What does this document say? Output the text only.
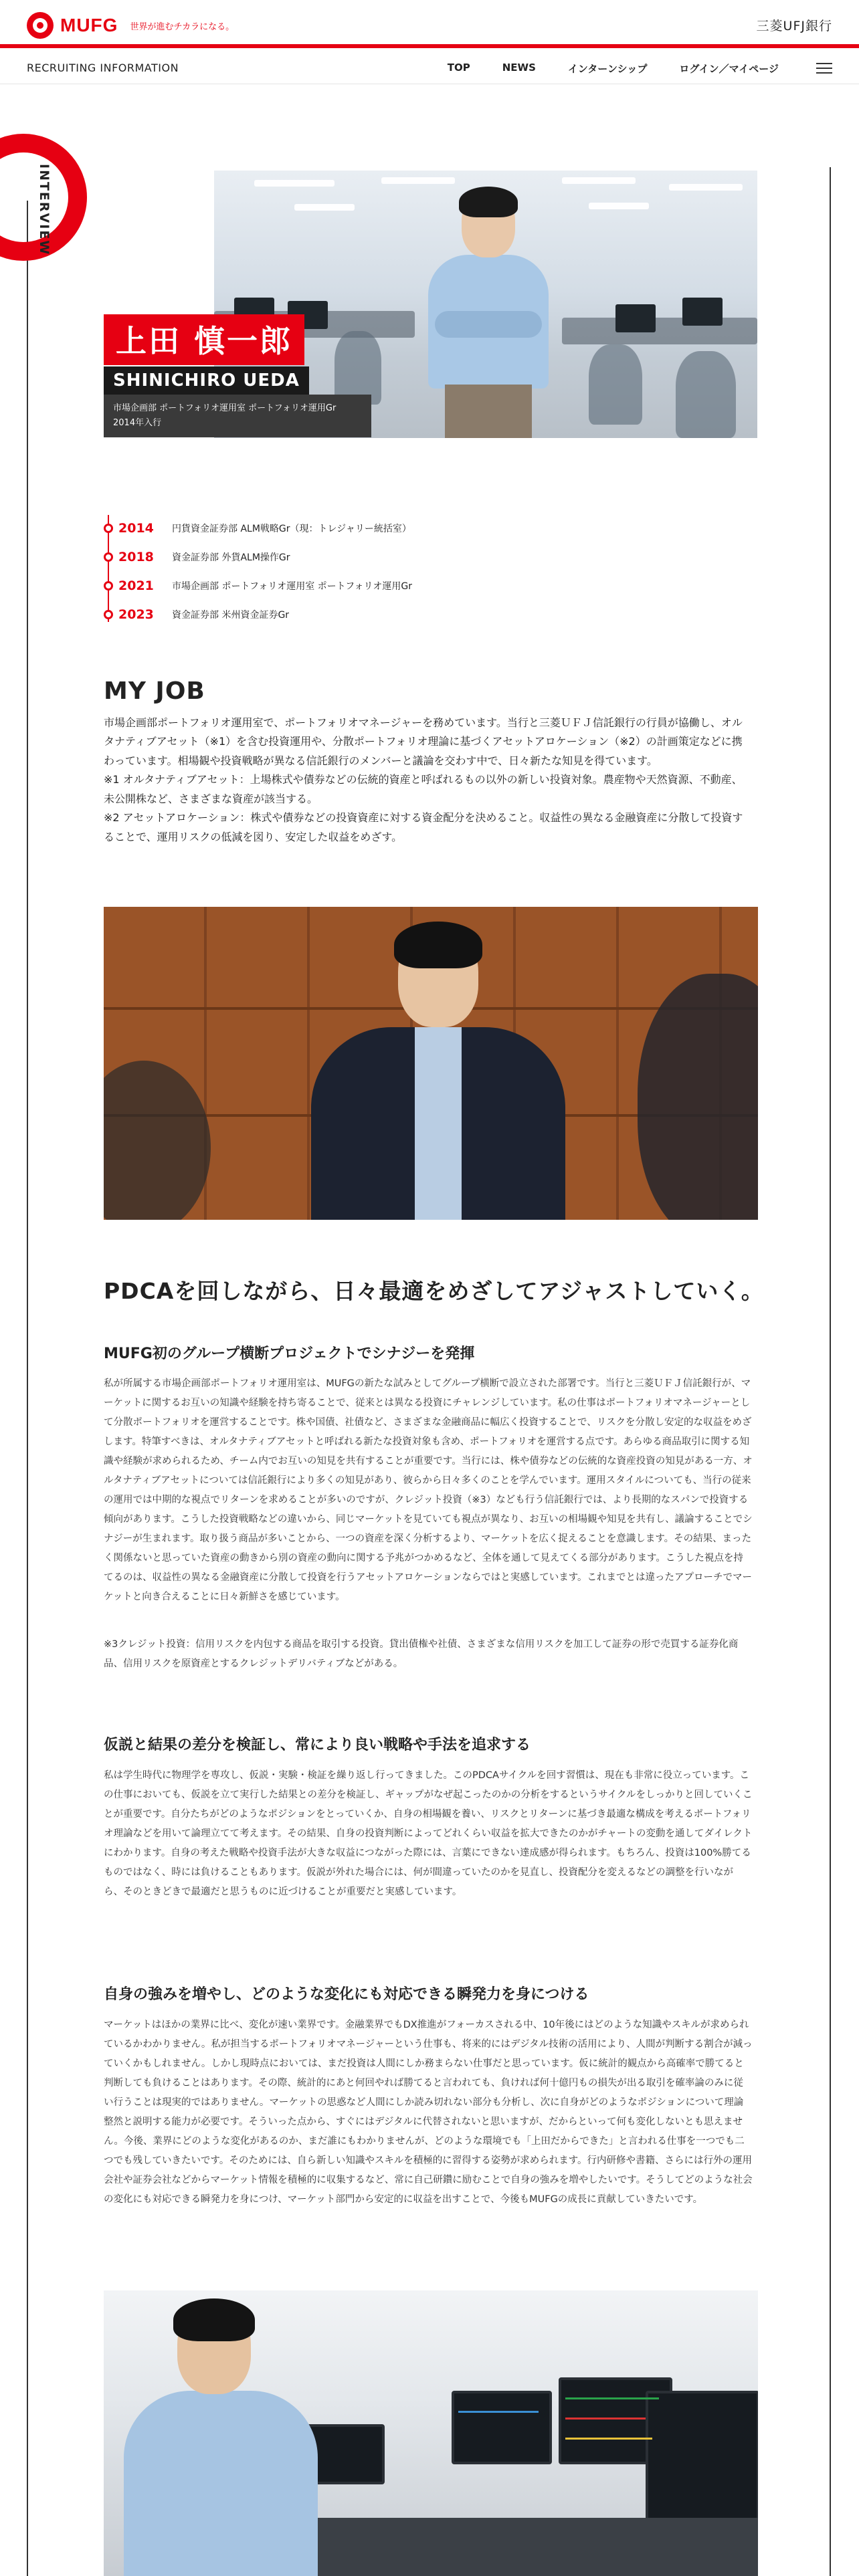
MUFG 世界が進むチカラになる。	三菱UFJ銀行
RECRUITING INFORMATION	TOP	NEWS	インターンシップ	ログイン／マイページ
INTERVIEW
上田 慎一郎
SHINICHIRO UEDA
市場企画部 ポートフォリオ運用室 ポートフォリオ運用Gr
2014年入行
2014	円貨資金証券部 ALM戦略Gr（現：トレジャリー統括室）
2018	資金証券部 外貨ALM操作Gr
2021	市場企画部 ポートフォリオ運用室 ポートフォリオ運用Gr
2023	資金証券部 米州資金証券Gr
MY JOB

市場企画部ポートフォリオ運用室で、ポートフォリオマネージャーを務めています。当行と三菱ＵＦＪ信託銀行の行員が協働し、オルタナティブアセット（※1）を含む投資運用や、分散ポートフォリオ理論に基づくアセットアロケーション（※2）の計画策定などに携わっています。相場観や投資戦略が異なる信託銀行のメンバーと議論を交わす中で、日々新たな知見を得ています。

※1 オルタナティブアセット：上場株式や債券などの伝統的資産と呼ばれるもの以外の新しい投資対象。農産物や天然資源、不動産、未公開株など、さまざまな資産が該当する。

※2 アセットアロケーション：株式や債券などの投資資産に対する資金配分を決めること。収益性の異なる金融資産に分散して投資することで、運用リスクの低減を図り、安定した収益をめざす。

PDCAを回しながら、日々最適をめざしてアジャストしていく。
MUFG初のグループ横断プロジェクトでシナジーを発揮

私が所属する市場企画部ポートフォリオ運用室は、MUFGの新たな試みとしてグループ横断で設立された部署です。当行と三菱ＵＦＪ信託銀行が、マーケットに関するお互いの知識や経験を持ち寄ることで、従来とは異なる投資にチャレンジしています。私の仕事はポートフォリオマネージャーとして分散ポートフォリオを運営することです。株や国債、社債など、さまざまな金融商品に幅広く投資することで、リスクを分散し安定的な収益をめざします。特筆すべきは、オルタナティブアセットと呼ばれる新たな投資対象も含め、ポートフォリオを運営する点です。あらゆる商品取引に関する知識や経験が求められるため、チーム内でお互いの知見を共有することが重要です。当行には、株や債券などの伝統的な資産投資の知見がある一方、オルタナティブアセットについては信託銀行により多くの知見があり、彼らから日々多くのことを学んでいます。運用スタイルについても、当行の従来の運用では中期的な視点でリターンを求めることが多いのですが、クレジット投資（※3）なども行う信託銀行では、より長期的なスパンで投資する傾向があります。こうした投資戦略などの違いから、同じマーケットを見ていても視点が異なり、お互いの相場観や知見を共有し、議論することでシナジーが生まれます。取り扱う商品が多いことから、一つの資産を深く分析するより、マーケットを広く捉えることを意識します。その結果、まったく関係ないと思っていた資産の動きから別の資産の動向に関する予兆がつかめるなど、全体を通して見えてくる部分があります。こうした視点を持てるのは、収益性の異なる金融資産に分散して投資を行うアセットアロケーションならではと実感しています。これまでとは違ったアプローチでマーケットと向き合えることに日々新鮮さを感じています。

※3クレジット投資：信用リスクを内包する商品を取引する投資。貸出債権や社債、さまざまな信用リスクを加工して証券の形で売買する証券化商品、信用リスクを原資産とするクレジットデリバティブなどがある。

仮説と結果の差分を検証し、常により良い戦略や手法を追求する

私は学生時代に物理学を専攻し、仮説・実験・検証を繰り返し行ってきました。このPDCAサイクルを回す習慣は、現在も非常に役立っています。この仕事においても、仮説を立て実行した結果との差分を検証し、ギャップがなぜ起こったのかの分析をするというサイクルをしっかりと回していくことが重要です。自分たちがどのようなポジションをとっていくか、自身の相場観を養い、リスクとリターンに基づき最適な構成を考えるポートフォリオ理論などを用いて論理立てて考えます。その結果、自身の投資判断によってどれくらい収益を拡大できたのかがチャートの変動を通してダイレクトにわかります。自身の考えた戦略や投資手法が大きな収益につながった際には、言葉にできない達成感が得られます。もちろん、投資は100%勝てるものではなく、時には負けることもあります。仮説が外れた場合には、何が間違っていたのかを見直し、投資配分を変えるなどの調整を行いながら、そのときどきで最適だと思うものに近づけることが重要だと実感しています。

自身の強みを増やし、どのような変化にも対応できる瞬発力を身につける

マーケットはほかの業界に比べ、変化が速い業界です。金融業界でもDX推進がフォーカスされる中、10年後にはどのような知識やスキルが求められているかわかりません。私が担当するポートフォリオマネージャーという仕事も、将来的にはデジタル技術の活用により、人間が判断する割合が減っていくかもしれません。しかし現時点においては、まだ投資は人間にしか務まらない仕事だと思っています。仮に統計的観点から高確率で勝てると判断しても負けることはあります。その際、統計的にあと何回やれば勝てると言われても、負ければ何十億円もの損失が出る取引を確率論のみに従い行うことは現実的ではありません。マーケットの思惑など人間にしか読み切れない部分も分析し、次に自身がどのようなポジションについて理論整然と説明する能力が必要です。そういった点から、すぐにはデジタルに代替されないと思いますが、だからといって何も変化しないとも思えません。今後、業界にどのような変化があるのか、まだ誰にもわかりませんが、どのような環境でも「上田だからできた」と言われる仕事を一つでも二つでも残していきたいです。そのためには、自ら新しい知識やスキルを積極的に習得する姿勢が求められます。行内研修や書籍、さらには行外の運用会社や証券会社などからマーケット情報を積極的に収集するなど、常に自己研鑽に励むことで自身の強みを増やしたいです。そうしてどのような社会の変化にも対応できる瞬発力を身につけ、マーケット部門から安定的に収益を出すことで、今後もMUFGの成長に貢献していきたいです。
